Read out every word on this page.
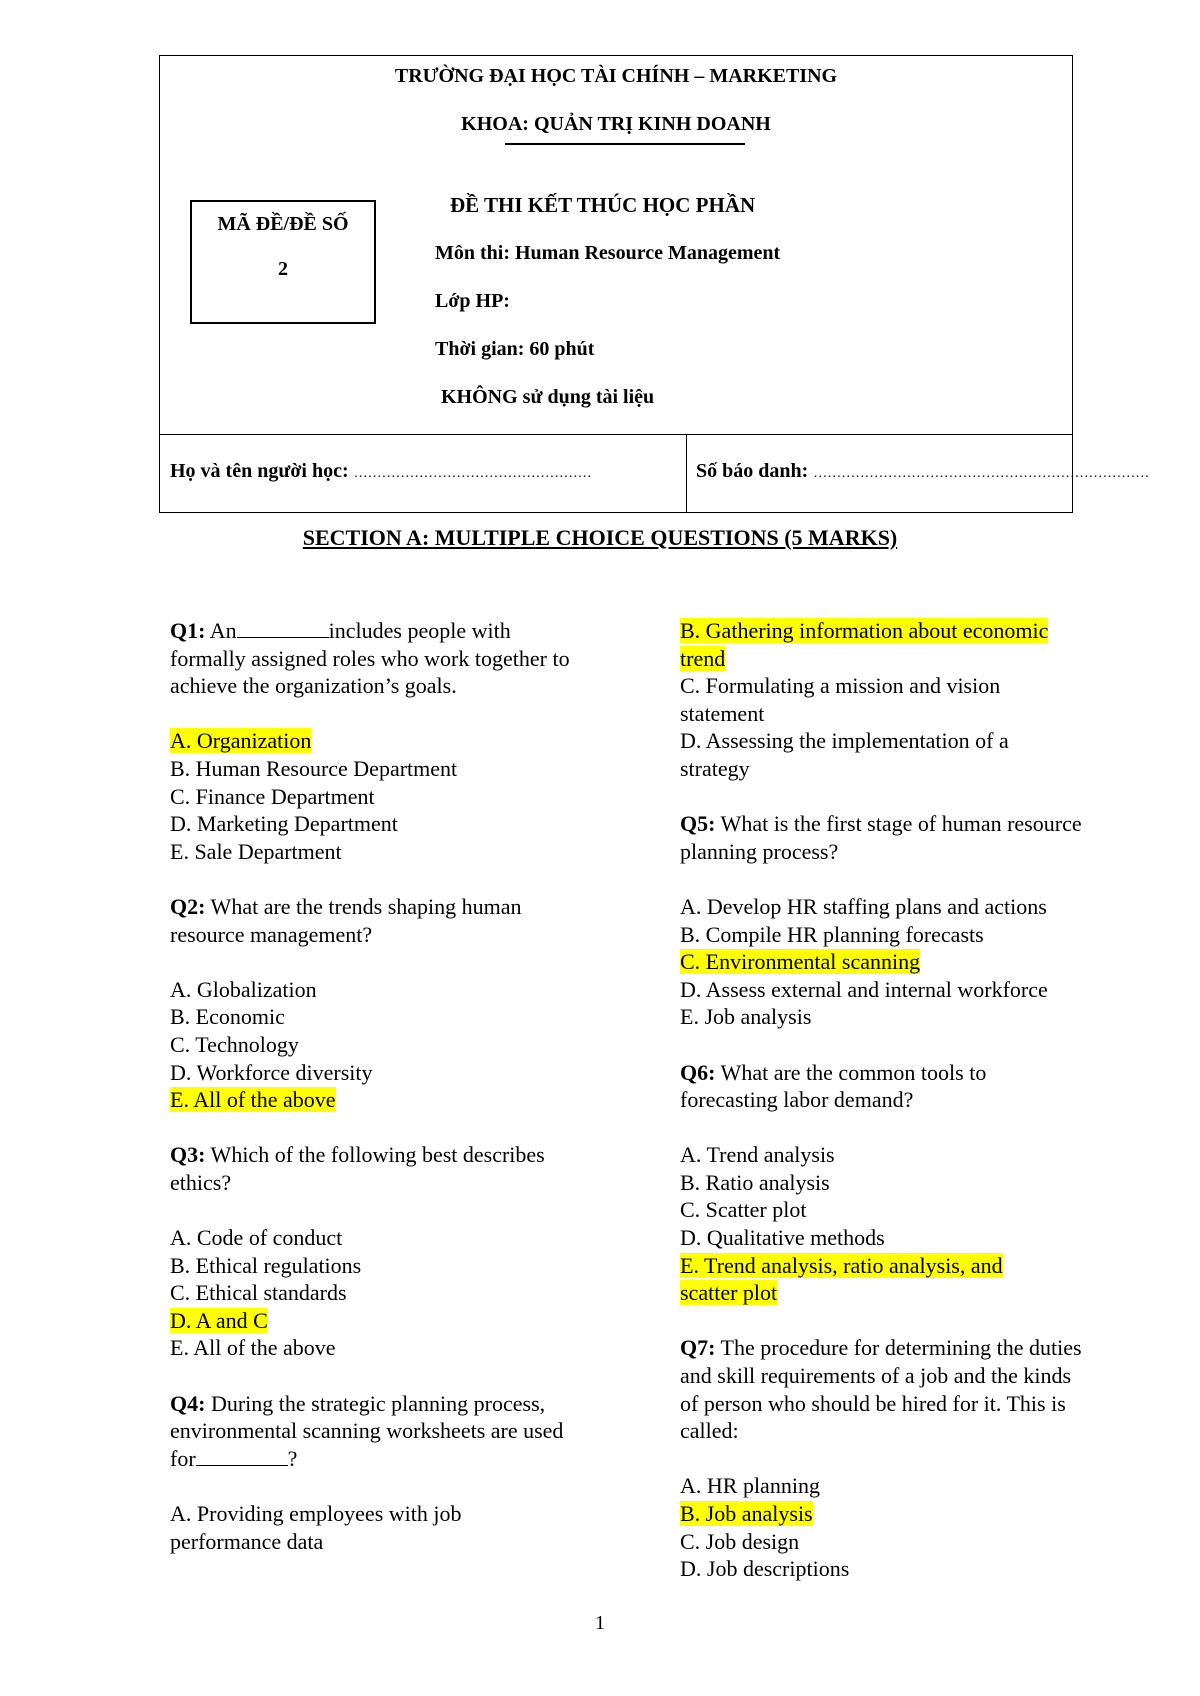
TRƯỜNG ĐẠI HỌC TÀI CHÍNH – MARKETING
KHOA: QUẢN TRỊ KINH DOANH
MÃ ĐỀ/ĐỀ SỐ
2
ĐỀ THI KẾT THÚC HỌC PHẦN
Môn thi: Human Resource Management
Lớp HP:
Thời gian: 60 phút
KHÔNG sử dụng tài liệu
Họ và tên người học: ……………………………………………	Số báo danh: ………………………………………………………………
SECTION A: MULTIPLE CHOICE QUESTIONS (5 MARKS)

Q1: An	includes people with

formally assigned roles who work together to

achieve the organization’s goals.

A. Organization

B. Human Resource Department

C. Finance Department

D. Marketing Department

E. Sale Department

Q2: What are the trends shaping human

resource management?

A. Globalization

B. Economic

C. Technology

D. Workforce diversity

E. All of the above

Q3: Which of the following best describes

ethics?

A. Code of conduct

B. Ethical regulations

C. Ethical standards

D. A and C

E. All of the above

Q4: During the strategic planning process,

environmental scanning worksheets are used

for	?

A. Providing employees with job

performance data

B. Gathering information about economic

trend

C. Formulating a mission and vision

statement

D. Assessing the implementation of a

strategy

Q5: What is the first stage of human resource

planning process?

A. Develop HR staffing plans and actions

B. Compile HR planning forecasts

C. Environmental scanning

D. Assess external and internal workforce

E. Job analysis

Q6: What are the common tools to

forecasting labor demand?

A. Trend analysis

B. Ratio analysis

C. Scatter plot

D. Qualitative methods

E. Trend analysis, ratio analysis, and

scatter plot

Q7: The procedure for determining the duties

and skill requirements of a job and the kinds

of person who should be hired for it. This is

called:

A. HR planning

B. Job analysis

C. Job design

D. Job descriptions

1
